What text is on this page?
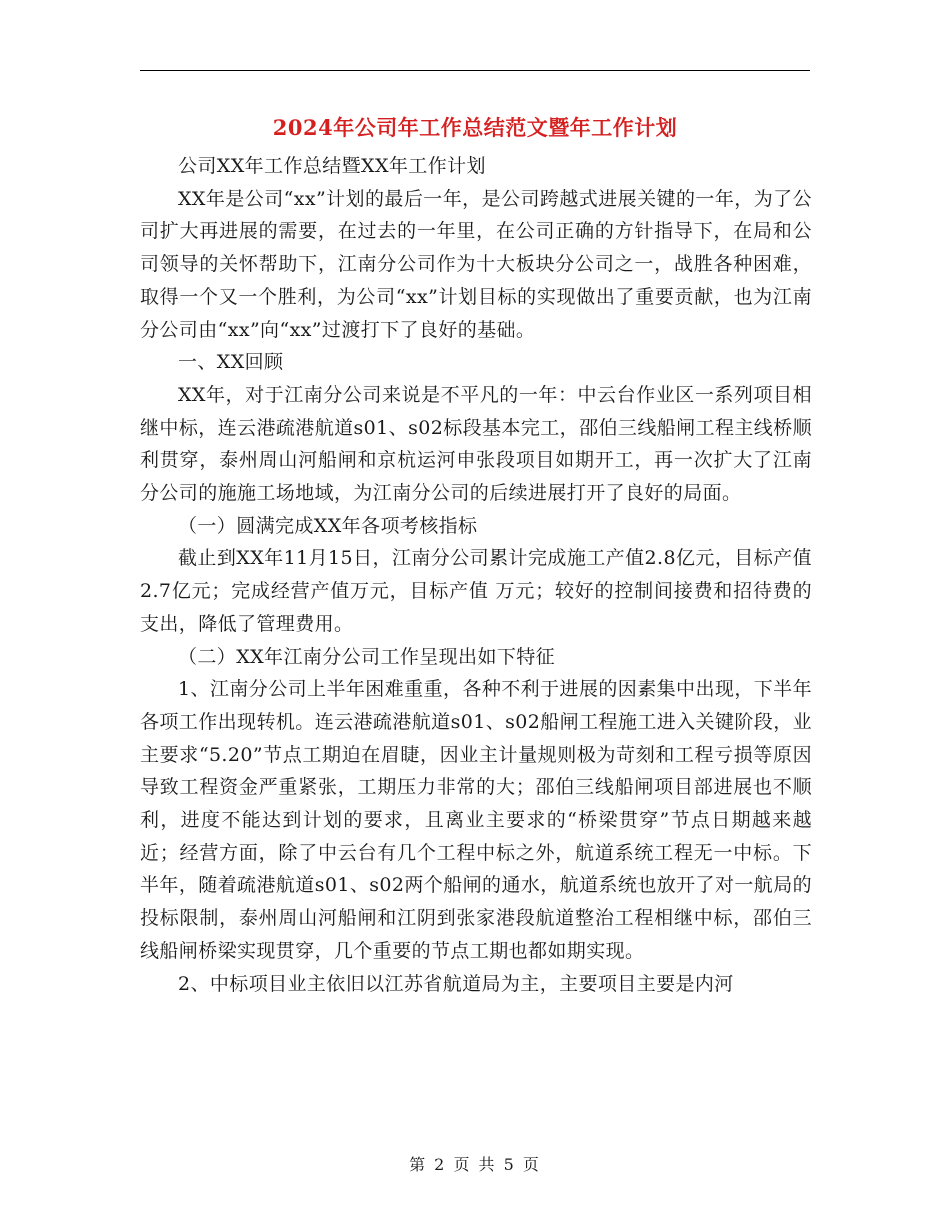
2024年公司年工作总结范文暨年工作计划

公司XX年工作总结暨XX年工作计划

XX年是公司“xx”计划的最后一年，是公司跨越式进展关键的一年，为了公司扩大再进展的需要，在过去的一年里，在公司正确的方针指导下，在局和公司领导的关怀帮助下，江南分公司作为十大板块分公司之一，战胜各种困难，取得一个又一个胜利，为公司“xx”计划目标的实现做出了重要贡献，也为江南分公司由“xx”向“xx”过渡打下了良好的基础。

一、XX回顾

XX年，对于江南分公司来说是不平凡的一年：中云台作业区一系列项目相继中标，连云港疏港航道s01、s02标段基本完工，邵伯三线船闸工程主线桥顺利贯穿，泰州周山河船闸和京杭运河申张段项目如期开工，再一次扩大了江南分公司的施施工场地域，为江南分公司的后续进展打开了良好的局面。

（一）圆满完成XX年各项考核指标

截止到XX年11月15日，江南分公司累计完成施工产值2.8亿元，目标产值2.7亿元；完成经营产值万元，目标产值 万元；较好的控制间接费和招待费的支出，降低了管理费用。

（二）XX年江南分公司工作呈现出如下特征

1、江南分公司上半年困难重重，各种不利于进展的因素集中出现，下半年各项工作出现转机。连云港疏港航道s01、s02船闸工程施工进入关键阶段，业主要求“5.20”节点工期迫在眉睫，因业主计量规则极为苛刻和工程亏损等原因导致工程资金严重紧张，工期压力非常的大；邵伯三线船闸项目部进展也不顺利，进度不能达到计划的要求，且离业主要求的“桥梁贯穿”节点日期越来越近；经营方面，除了中云台有几个工程中标之外，航道系统工程无一中标。下半年，随着疏港航道s01、s02两个船闸的通水，航道系统也放开了对一航局的投标限制，泰州周山河船闸和江阴到张家港段航道整治工程相继中标，邵伯三线船闸桥梁实现贯穿，几个重要的节点工期也都如期实现。

2、中标项目业主依旧以江苏省航道局为主，主要项目主要是内河

第 2 页 共 5 页
